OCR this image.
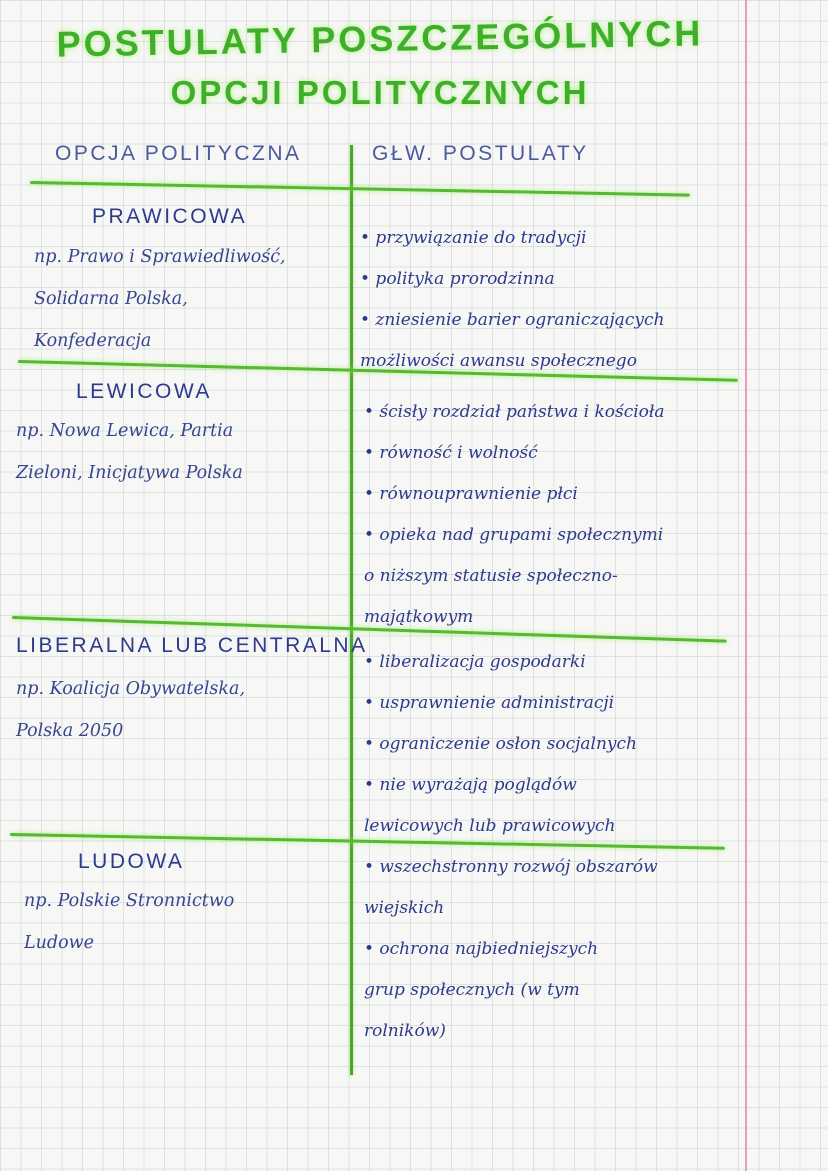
POSTULATY POSZCZEGÓLNYCH
OPCJI POLITYCZNYCH
OPCJA POLITYCZNA	GŁW. POSTULATY
PRAWICOWA
np. Prawo i Sprawiedliwość,
Solidarna Polska,
Konfederacja
• przywiązanie do tradycji
• polityka prorodzinna
• zniesienie barier ograniczających
możliwości awansu społecznego
LEWICOWA
np. Nowa Lewica, Partia
Zieloni, Inicjatywa Polska
• ścisły rozdział państwa i kościoła
• równość i wolność
• równouprawnienie płci
• opieka nad grupami społecznymi
o niższym statusie społeczno-
majątkowym
LIBERALNA LUB CENTRALNA
np. Koalicja Obywatelska,
Polska 2050
• liberalizacja gospodarki
• usprawnienie administracji
• ograniczenie osłon socjalnych
• nie wyrażają poglądów
lewicowych lub prawicowych
LUDOWA
np. Polskie Stronnictwo
Ludowe
• wszechstronny rozwój obszarów
wiejskich
• ochrona najbiedniejszych
grup społecznych (w tym
rolników)
